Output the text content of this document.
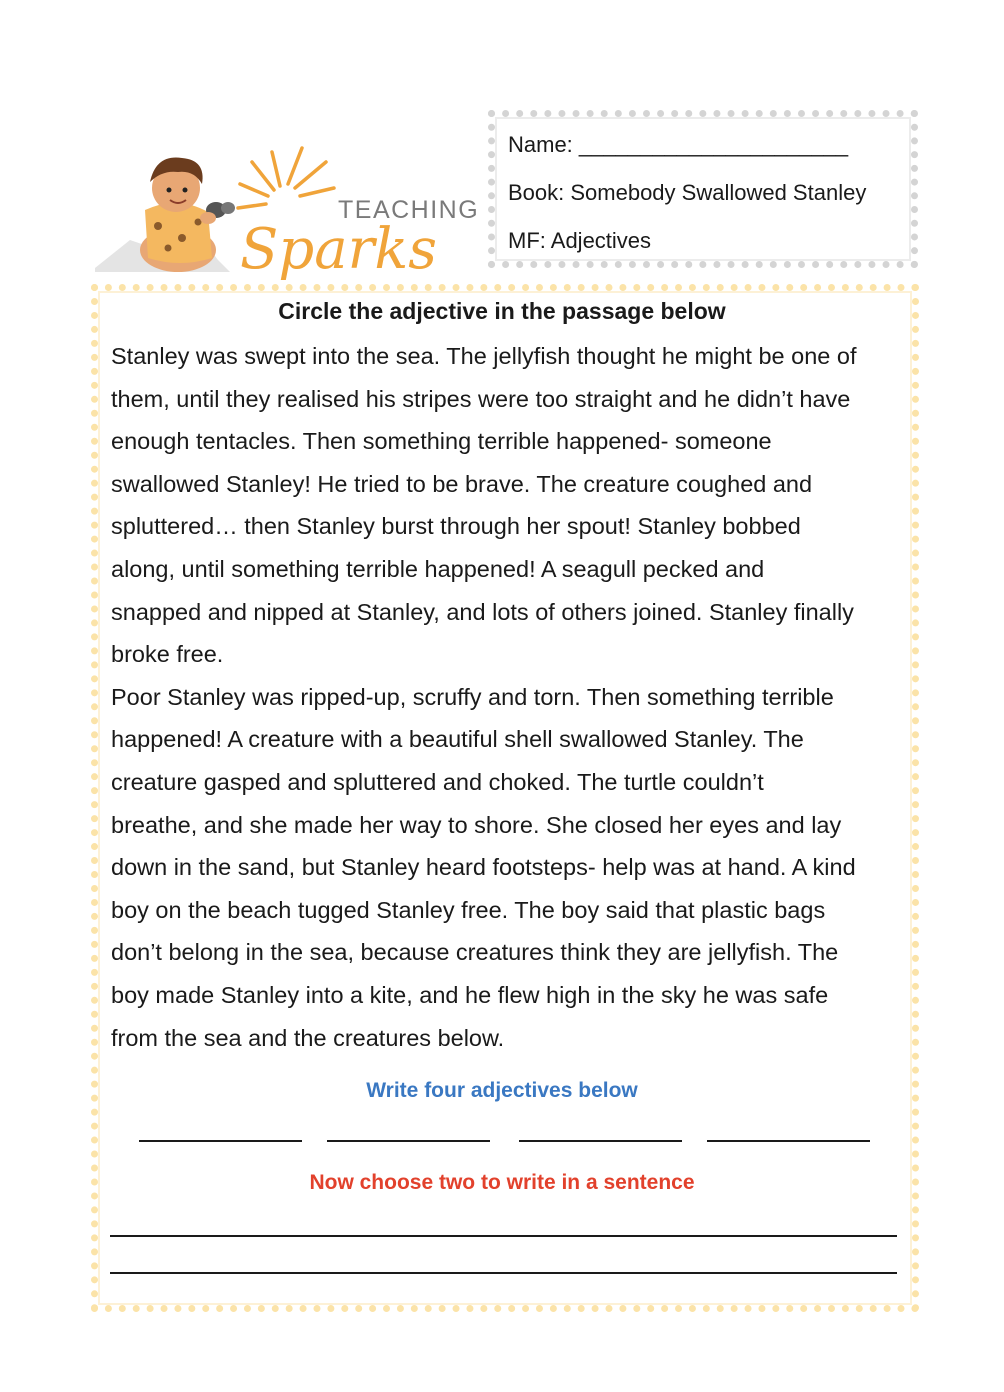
TEACHING
Sparks
Name: ______________________
Book: Somebody Swallowed Stanley
MF: Adjectives
Circle the adjective in the passage below
Stanley was swept into the sea. The jellyfish thought he might be one of
them, until they realised his stripes were too straight and he didn’t have
enough tentacles. Then something terrible happened- someone
swallowed Stanley! He tried to be brave. The creature coughed and
spluttered… then Stanley burst through her spout! Stanley bobbed
along, until something terrible happened! A seagull pecked and
snapped and nipped at Stanley, and lots of others joined. Stanley finally
broke free.
Poor Stanley was ripped-up, scruffy and torn. Then something terrible
happened! A creature with a beautiful shell swallowed Stanley. The
creature gasped and spluttered and choked. The turtle couldn’t
breathe, and she made her way to shore. She closed her eyes and lay
down in the sand, but Stanley heard footsteps- help was at hand. A kind
boy on the beach tugged Stanley free. The boy said that plastic bags
don’t belong in the sea, because creatures think they are jellyfish. The
boy made Stanley into a kite, and he flew high in the sky he was safe
from the sea and the creatures below.
Write four adjectives below
Now choose two to write in a sentence
